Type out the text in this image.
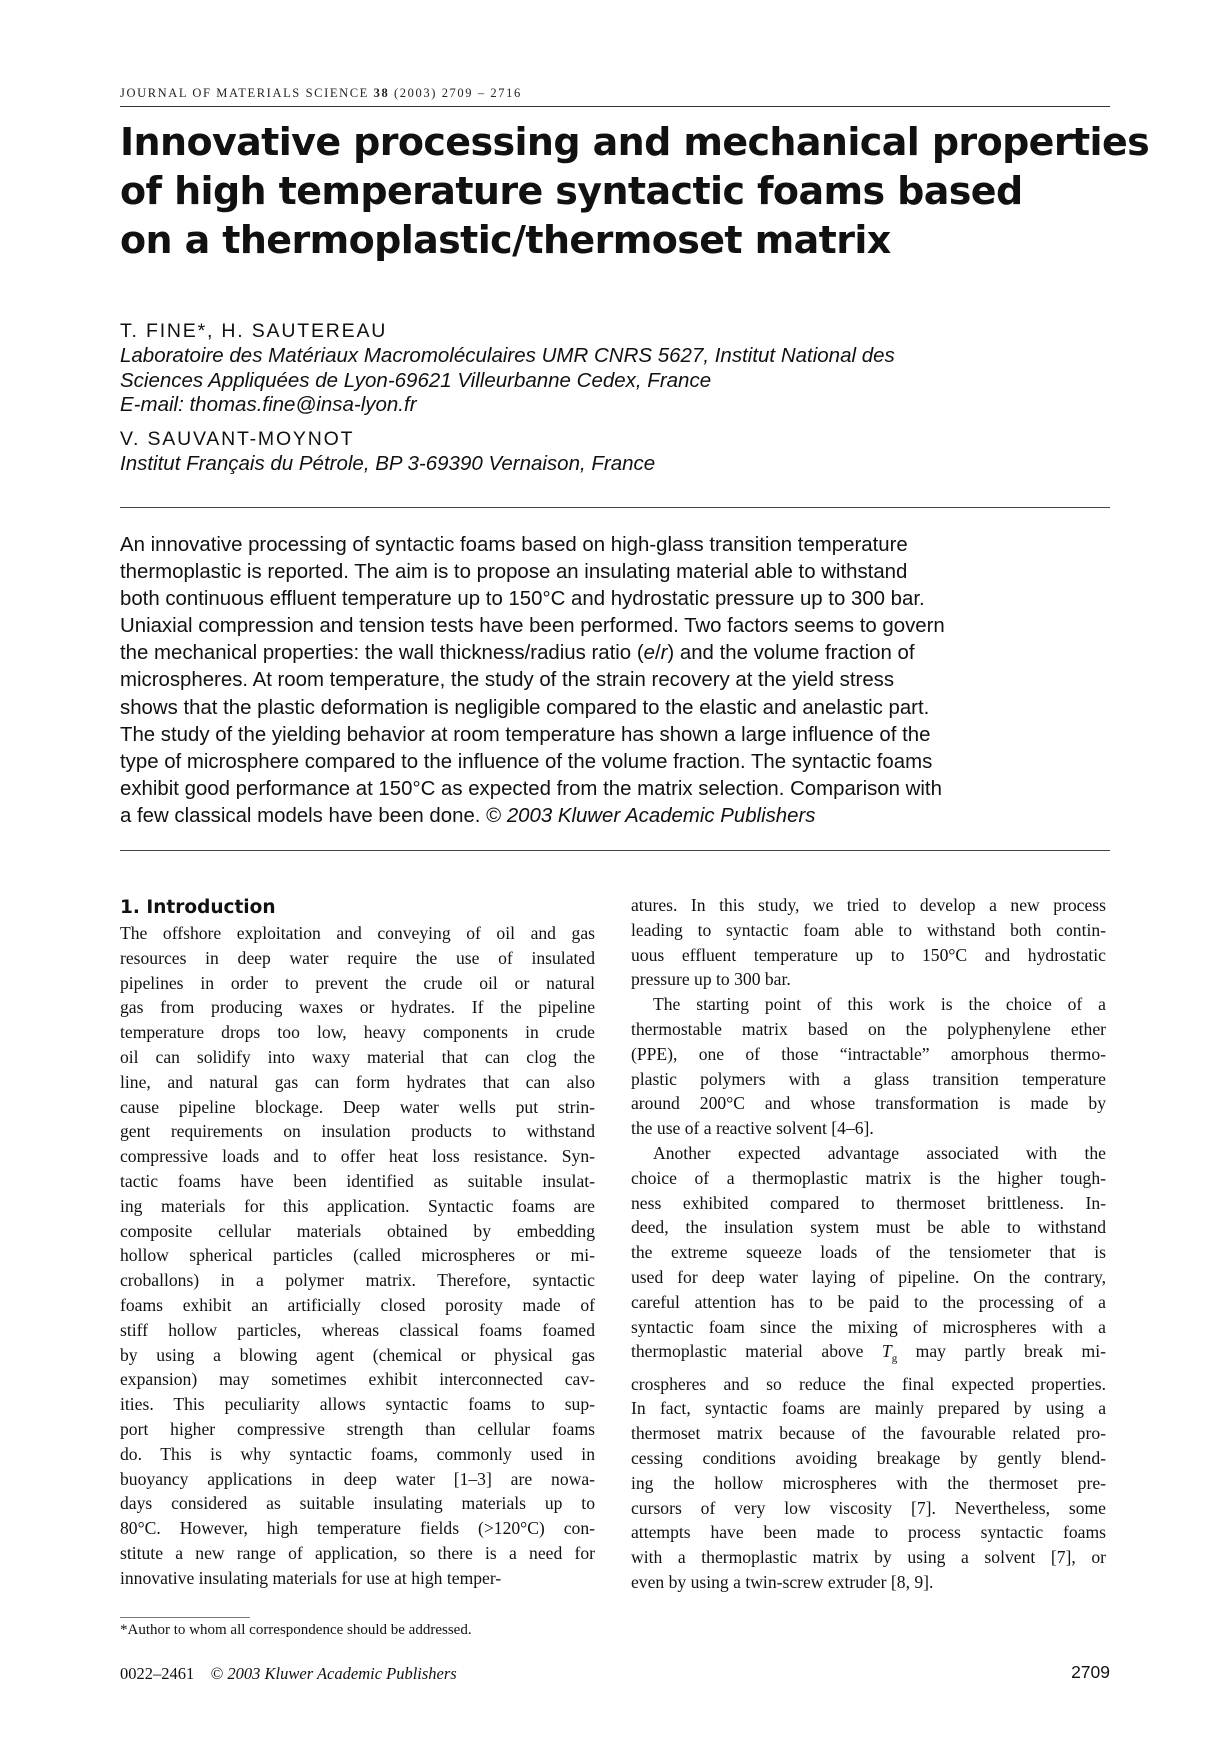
JOURNAL OF MATERIALS SCIENCE 38 (2003) 2709 – 2716
Innovative processing and mechanical properties
of high temperature syntactic foams based
on a thermoplastic/thermoset matrix
T. FINE*, H. SAUTEREAU
Laboratoire des Matériaux Macromoléculaires UMR CNRS 5627, Institut National des
Sciences Appliquées de Lyon-69621 Villeurbanne Cedex, France
E-mail: thomas.fine@insa-lyon.fr
V. SAUVANT-MOYNOT
Institut Français du Pétrole, BP 3-69390 Vernaison, France
An innovative processing of syntactic foams based on high-glass transition temperature
thermoplastic is reported. The aim is to propose an insulating material able to withstand
both continuous effluent temperature up to 150°C and hydrostatic pressure up to 300 bar.
Uniaxial compression and tension tests have been performed. Two factors seems to govern
the mechanical properties: the wall thickness/radius ratio (e/r) and the volume fraction of
microspheres. At room temperature, the study of the strain recovery at the yield stress
shows that the plastic deformation is negligible compared to the elastic and anelastic part.
The study of the yielding behavior at room temperature has shown a large influence of the
type of microsphere compared to the influence of the volume fraction. The syntactic foams
exhibit good performance at 150°C as expected from the matrix selection. Comparison with
a few classical models have been done. © 2003 Kluwer Academic Publishers
1. Introduction
The offshore exploitation and conveying of oil and gas
resources in deep water require the use of insulated
pipelines in order to prevent the crude oil or natural
gas from producing waxes or hydrates. If the pipeline
temperature drops too low, heavy components in crude
oil can solidify into waxy material that can clog the
line, and natural gas can form hydrates that can also
cause pipeline blockage. Deep water wells put strin-
gent requirements on insulation products to withstand
compressive loads and to offer heat loss resistance. Syn-
tactic foams have been identified as suitable insulat-
ing materials for this application. Syntactic foams are
composite cellular materials obtained by embedding
hollow spherical particles (called microspheres or mi-
croballons) in a polymer matrix. Therefore, syntactic
foams exhibit an artificially closed porosity made of
stiff hollow particles, whereas classical foams foamed
by using a blowing agent (chemical or physical gas
expansion) may sometimes exhibit interconnected cav-
ities. This peculiarity allows syntactic foams to sup-
port higher compressive strength than cellular foams
do. This is why syntactic foams, commonly used in
buoyancy applications in deep water [1–3] are nowa-
days considered as suitable insulating materials up to
80°C. However, high temperature fields (>120°C) con-
stitute a new range of application, so there is a need for
innovative insulating materials for use at high temper-
atures. In this study, we tried to develop a new process
leading to syntactic foam able to withstand both contin-
uous effluent temperature up to 150°C and hydrostatic
pressure up to 300 bar.
The starting point of this work is the choice of a
thermostable matrix based on the polyphenylene ether
(PPE), one of those “intractable” amorphous thermo-
plastic polymers with a glass transition temperature
around 200°C and whose transformation is made by
the use of a reactive solvent [4–6].
Another expected advantage associated with the
choice of a thermoplastic matrix is the higher tough-
ness exhibited compared to thermoset brittleness. In-
deed, the insulation system must be able to withstand
the extreme squeeze loads of the tensiometer that is
used for deep water laying of pipeline. On the contrary,
careful attention has to be paid to the processing of a
syntactic foam since the mixing of microspheres with a
thermoplastic material above $T_g$ may partly break mi-
crospheres and so reduce the final expected properties.
In fact, syntactic foams are mainly prepared by using a
thermoset matrix because of the favourable related pro-
cessing conditions avoiding breakage by gently blend-
ing the hollow microspheres with the thermoset pre-
cursors of very low viscosity [7]. Nevertheless, some
attempts have been made to process syntactic foams
with a thermoplastic matrix by using a solvent [7], or
even by using a twin-screw extruder [8, 9].
*Author to whom all correspondence should be addressed.
0022–2461 © 2003 Kluwer Academic Publishers	2709
